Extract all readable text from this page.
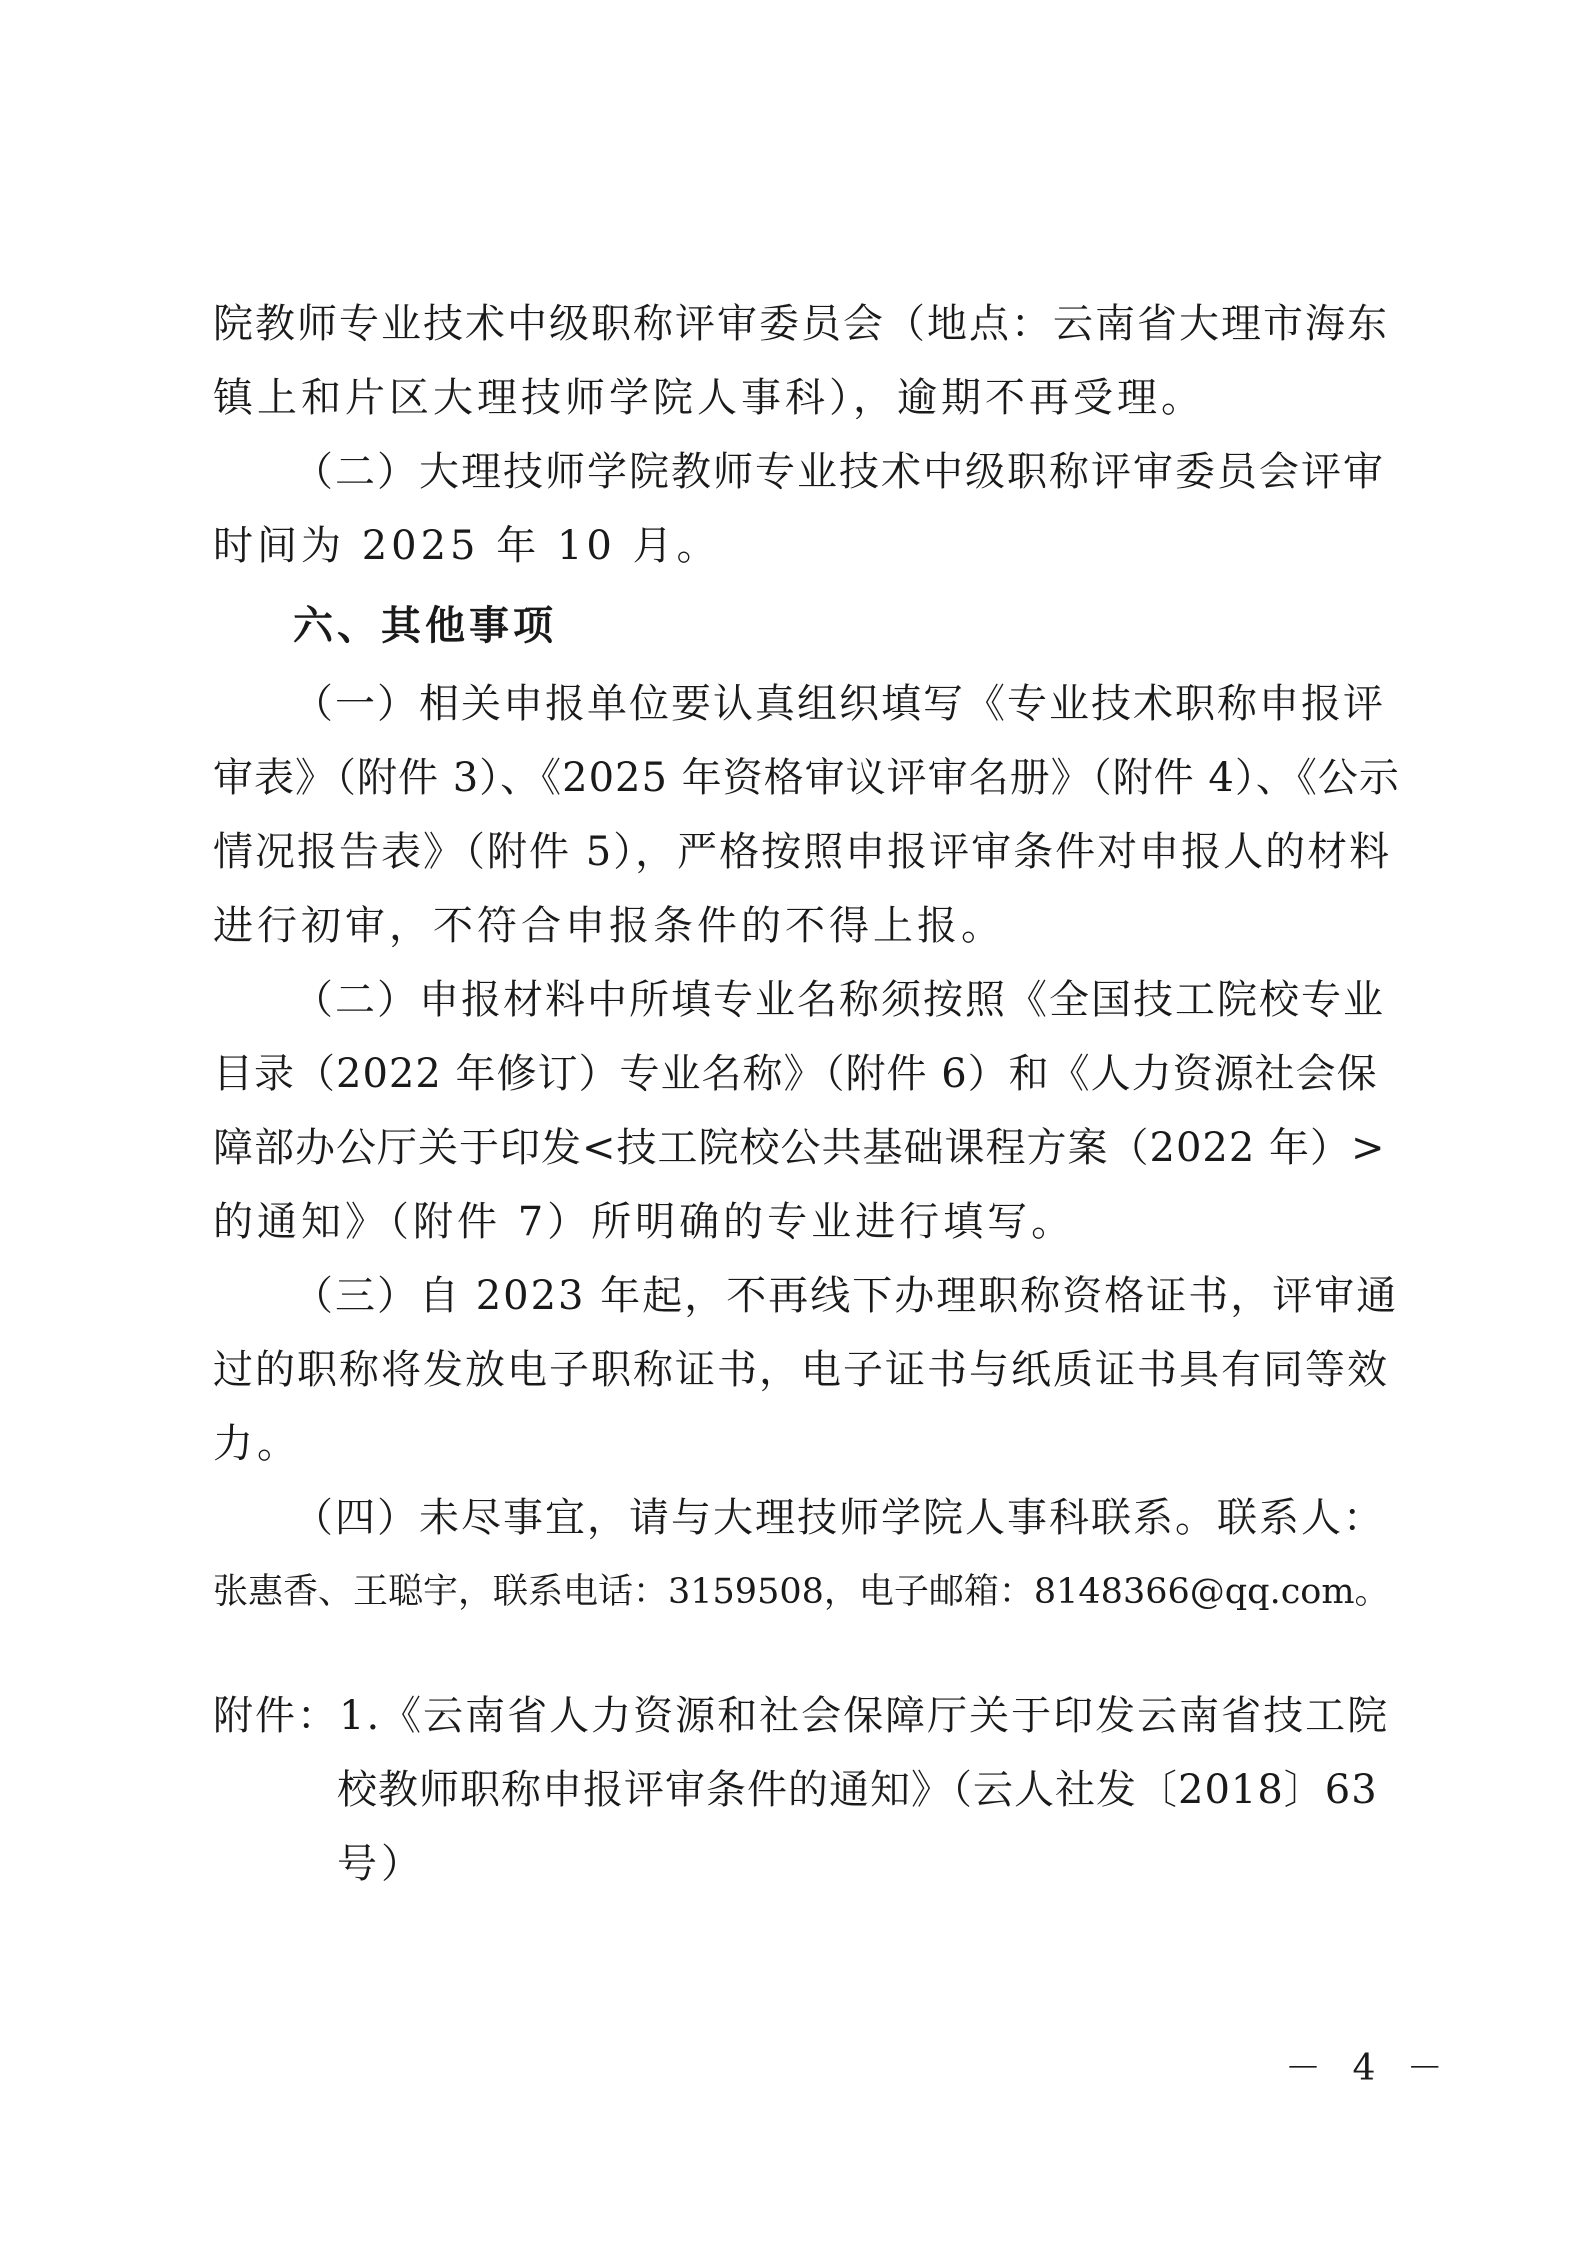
院教师专业技术中级职称评审委员会（地点：云南省大理市海东
镇上和片区大理技师学院人事科），逾期不再受理。
（二）大理技师学院教师专业技术中级职称评审委员会评审
时间为 2025 年 10 月。
六、其他事项
（一）相关申报单位要认真组织填写《专业技术职称申报评
审表》（附件 3）、《2025 年资格审议评审名册》（附件 4）、《公示
情况报告表》（附件 5），严格按照申报评审条件对申报人的材料
进行初审，不符合申报条件的不得上报。
（二）申报材料中所填专业名称须按照《全国技工院校专业
目录（2022 年修订）专业名称》（附件 6）和《人力资源社会保
障部办公厅关于印发<技工院校公共基础课程方案（2022 年）>
的通知》（附件 7）所明确的专业进行填写。
（三）自 2023 年起，不再线下办理职称资格证书，评审通
过的职称将发放电子职称证书，电子证书与纸质证书具有同等效
力。
（四）未尽事宜，请与大理技师学院人事科联系。联系人：
张惠香、王聪宇，联系电话：3159508，电子邮箱：8148366@qq.com。
附件：1.《云南省人力资源和社会保障厅关于印发云南省技工院
校教师职称申报评审条件的通知》（云人社发〔2018〕63
号）
－ 4 －
